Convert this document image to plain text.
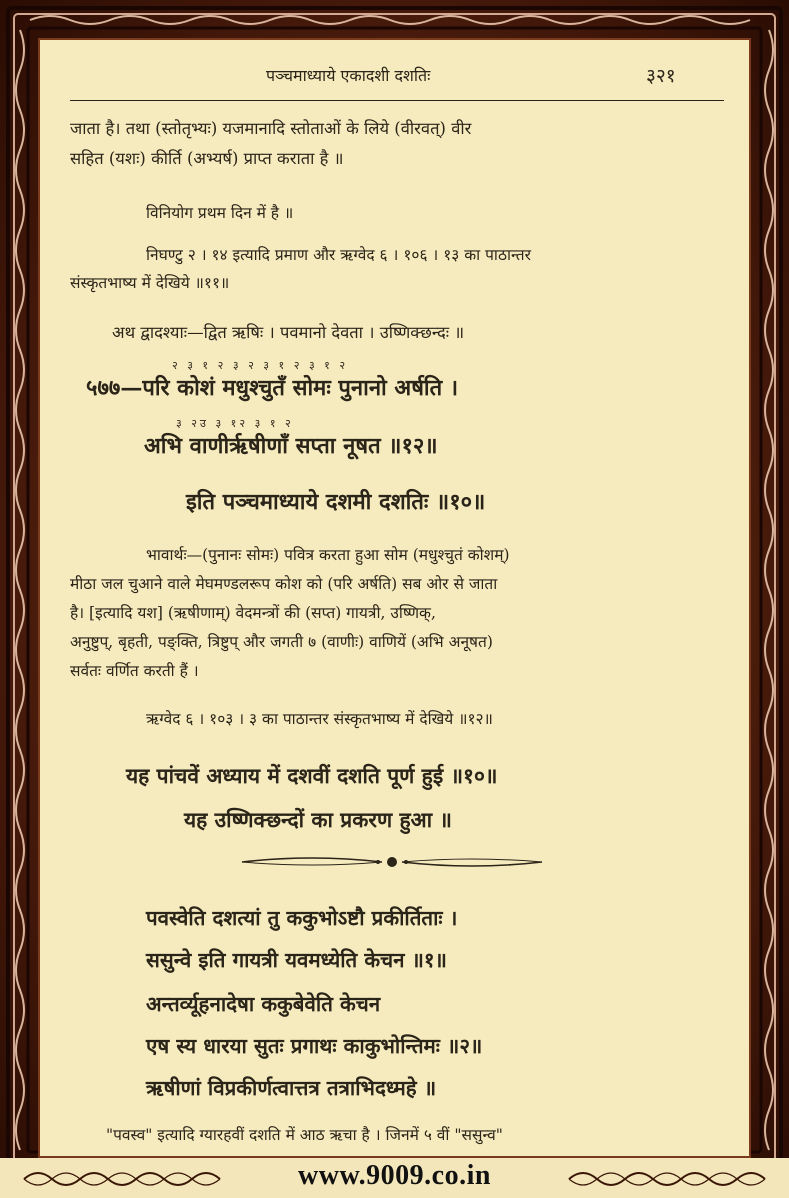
पञ्चमाध्याये एकादशी दशतिः	३२१
जाता है। तथा (स्तोतृभ्यः) यजमानादि स्तोताओं के लिये (वीरवत्) वीर
सहित (यशः) कीर्ति (अभ्यर्ष) प्राप्त कराता है ॥
विनियोग प्रथम दिन में है ॥
निघण्टु २ । १४ इत्यादि प्रमाण और ऋग्वेद ६ । १०६ । १३ का पाठान्तर
संस्कृतभाष्य में देखिये ॥११॥
अथ द्वादश्याः—द्वित ऋषिः । पवमानो देवता । उष्णिक्छन्दः ॥
२ ३ १ २ ३ २ ३ १ २ ३ १ २
५७७—परि कोशं मधुश्चुतँ सोमः पुनानो अर्षति ।
३ २उ ३ १२ ३ १ २
अभि वाणीर्ऋषीणाँ सप्ता नूषत ॥१२॥
इति पञ्चमाध्याये दशमी दशतिः ॥१०॥
भावार्थः—(पुनानः सोमः) पवित्र करता हुआ सोम (मधुश्चुतं कोशम्)
मीठा जल चुआने वाले मेघमण्डलरूप कोश को (परि अर्षति) सब ओर से जाता
है। [इत्यादि यश] (ऋषीणाम्) वेदमन्त्रों की (सप्त) गायत्री, उष्णिक्,
अनुष्टुप्, बृहती, पङ्क्ति, त्रिष्टुप् और जगती ७ (वाणीः) वाणियें (अभि अनूषत)
सर्वतः वर्णित करती हैं ।
ऋग्वेद ६ । १०३ । ३ का पाठान्तर संस्कृतभाष्य में देखिये ॥१२॥
यह पांचवें अध्याय में दशवीं दशति पूर्ण हुई ॥१०॥
यह उष्णिक्छन्दों का प्रकरण हुआ ॥
पवस्वेति दशत्यां तु ककुभोऽष्टौ प्रकीर्तिताः ।
ससुन्वे इति गायत्री यवमध्येति केचन ॥१॥
अन्तर्व्यूहनादेषा ककुबेवेति केचन
एष स्य धारया सुतः प्रगाथः काकुभोन्तिमः ॥२॥
ऋषीणां विप्रकीर्णत्वात्तत्र तत्राभिदध्महे ॥
"पवस्व" इत्यादि ग्यारहवीं दशति में आठ ऋचा है । जिनमें ५ वीं "ससुन्व"
www.9009.co.in
